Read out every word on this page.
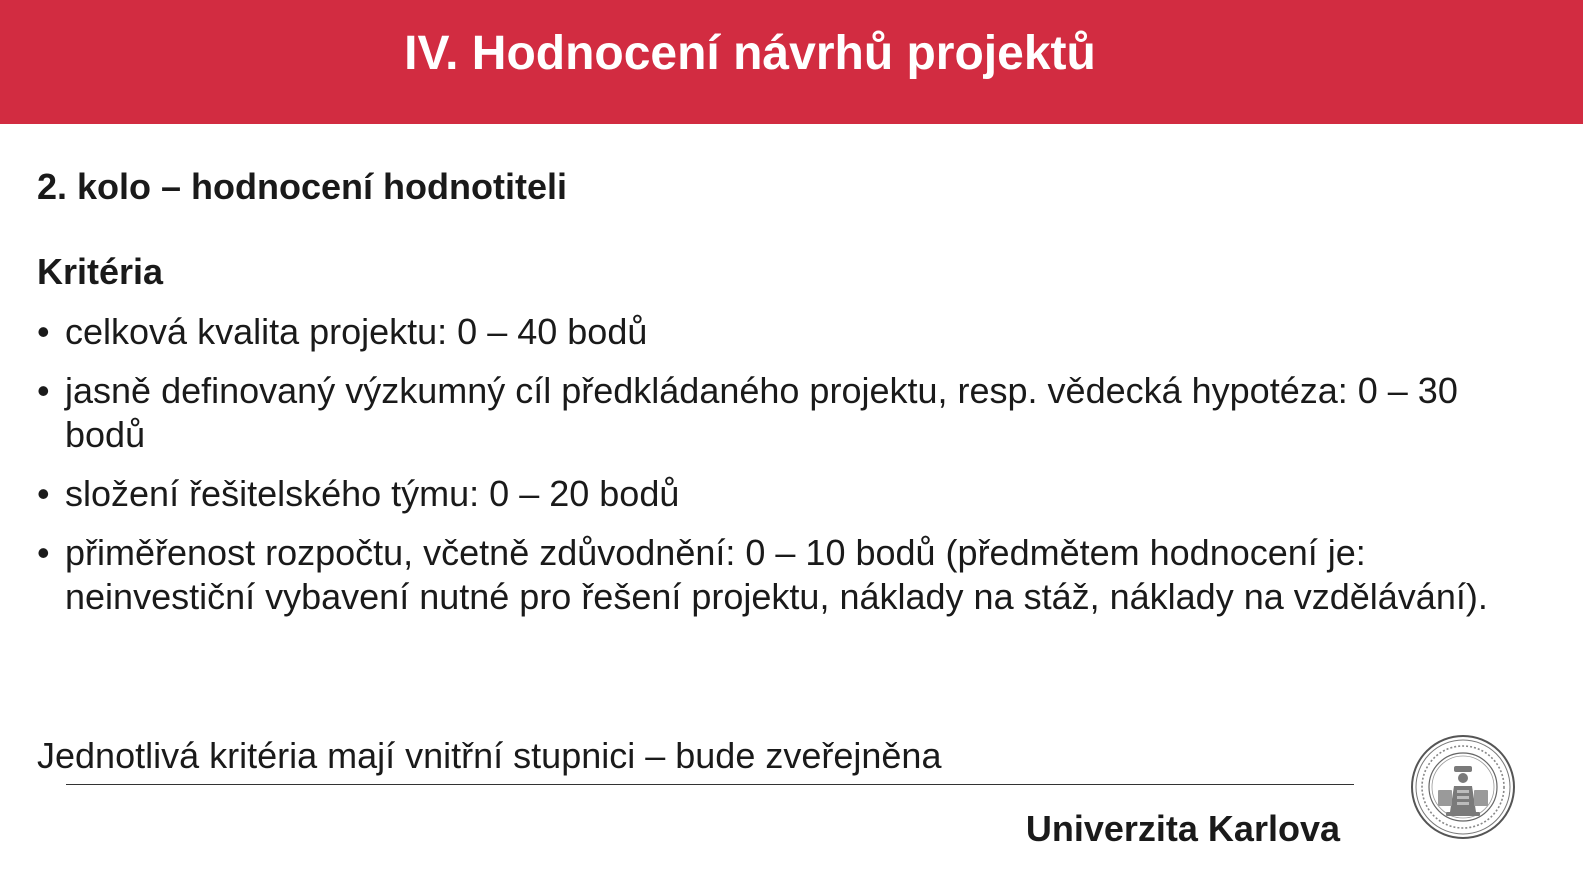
IV. Hodnocení návrhů projektů
2. kolo – hodnocení hodnotiteli
Kritéria
• celková kvalita projektu: 0 – 40 bodů
• jasně definovaný výzkumný cíl předkládaného projektu, resp. vědecká hypotéza: 0 – 30 bodů
• složení řešitelského týmu: 0 – 20 bodů
• přiměřenost rozpočtu, včetně zdůvodnění: 0 – 10 bodů (předmětem hodnocení je: neinvestiční vybavení nutné pro řešení projektu, náklady na stáž, náklady na vzdělávání).
Jednotlivá kritéria mají vnitřní stupnici – bude zveřejněna
Univerzita Karlova
